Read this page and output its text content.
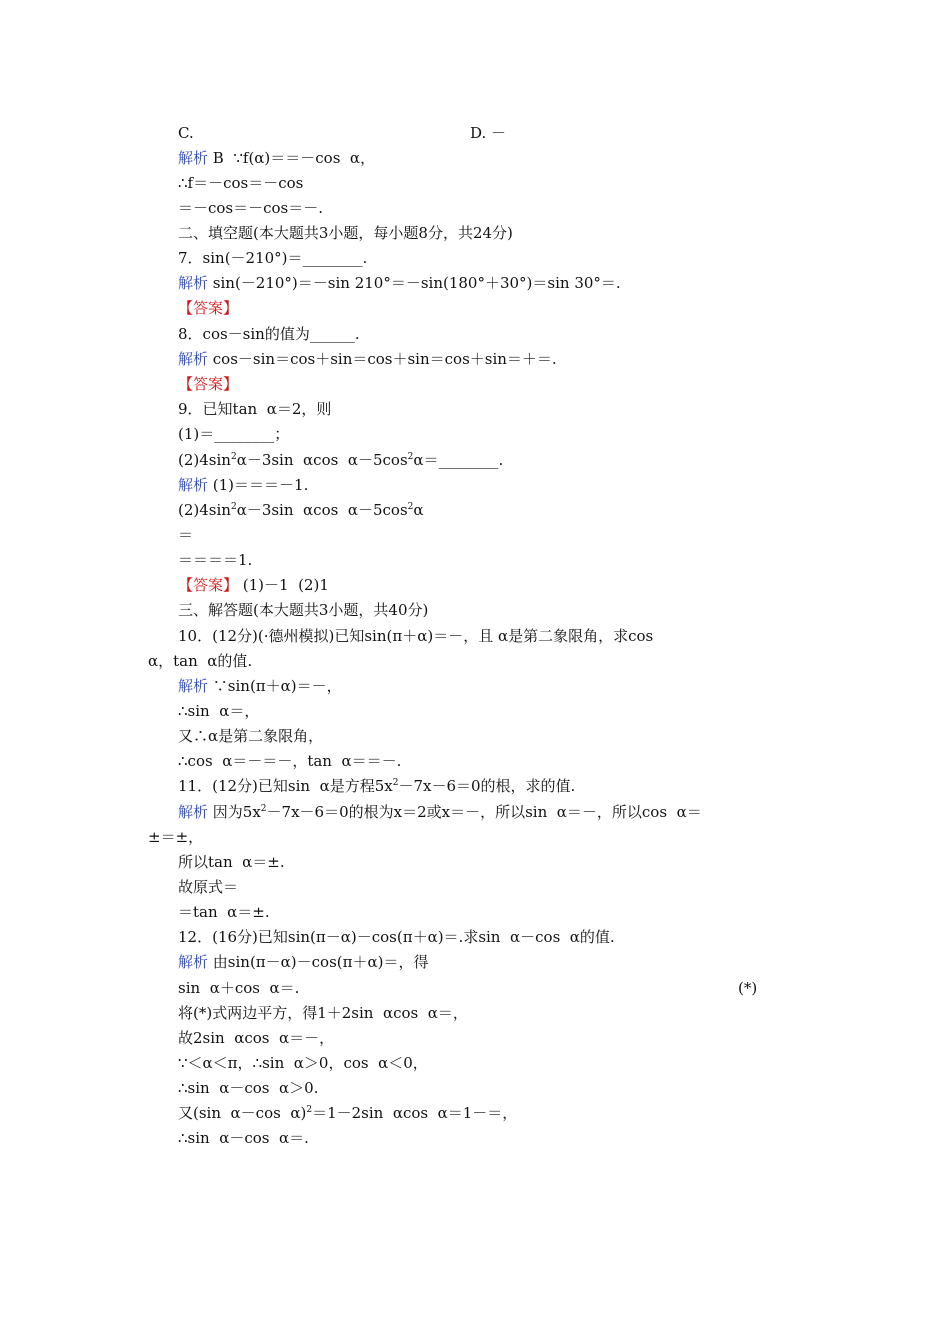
C.	D. －
解析 B  ∵f(α)＝＝－cos  α，
∴f＝－cos＝－cos
＝－cos＝－cos＝－.
二、填空题(本大题共3小题，每小题8分，共24分)
7．sin(－210°)＝________.
解析 sin(－210°)＝－sin 210°＝－sin(180°＋30°)＝sin 30°＝.
【答案】
8．cos－sin的值为______.
解析 cos－sin＝cos＋sin＝cos＋sin＝cos＋sin＝＋＝.
【答案】
9．已知tan  α＝2，则
(1)＝________；
$(2)4\sin^2\alpha-3\sin$  αcos  $\alpha-5\cos^2\alpha=\_\_\_\_\_\_\_\_$.
解析 (1)＝＝＝－1.
$(2)4\sin^2\alpha-3\sin$  αcos  $\alpha-5\cos^2\alpha$
＝
＝＝＝＝1.
【答案】 (1)－1  (2)1
三、解答题(本大题共3小题，共40分)
10．(12分)(·德州模拟)已知sin(π＋α)＝－，且 α是第二象限角，求cos
α，tan  α的值.
解析 ∵sin(π＋α)＝－，
∴sin  α＝，
又∴α是第二象限角，
∴cos  α＝－＝－，tan  α＝＝－.
11．(12分)已知sin  α是方程$5x^2-7x-6=0$的根，求的值.
解析 因为$5x^2-7x-6=0$的根为x＝2或x＝－，所以sin  α＝－，所以cos  α＝
±＝±，
所以tan  α＝±.
故原式＝
＝tan  α＝±.
12．(16分)已知sin(π－α)－cos(π＋α)＝.求sin  α－cos  α的值.
解析 由sin(π－α)－cos(π＋α)＝，得
sin  α＋cos  α＝.	(*)
将(*)式两边平方，得1＋2sin  αcos  α＝，
故2sin  αcos  α＝－，
∵＜α＜π，∴sin  α＞0，cos  α＜0，
∴sin  α－cos  α＞0.
又(sin  α－cos  α)$^2$＝1－2sin  αcos  α＝1－＝，
∴sin  α－cos  α＝.
